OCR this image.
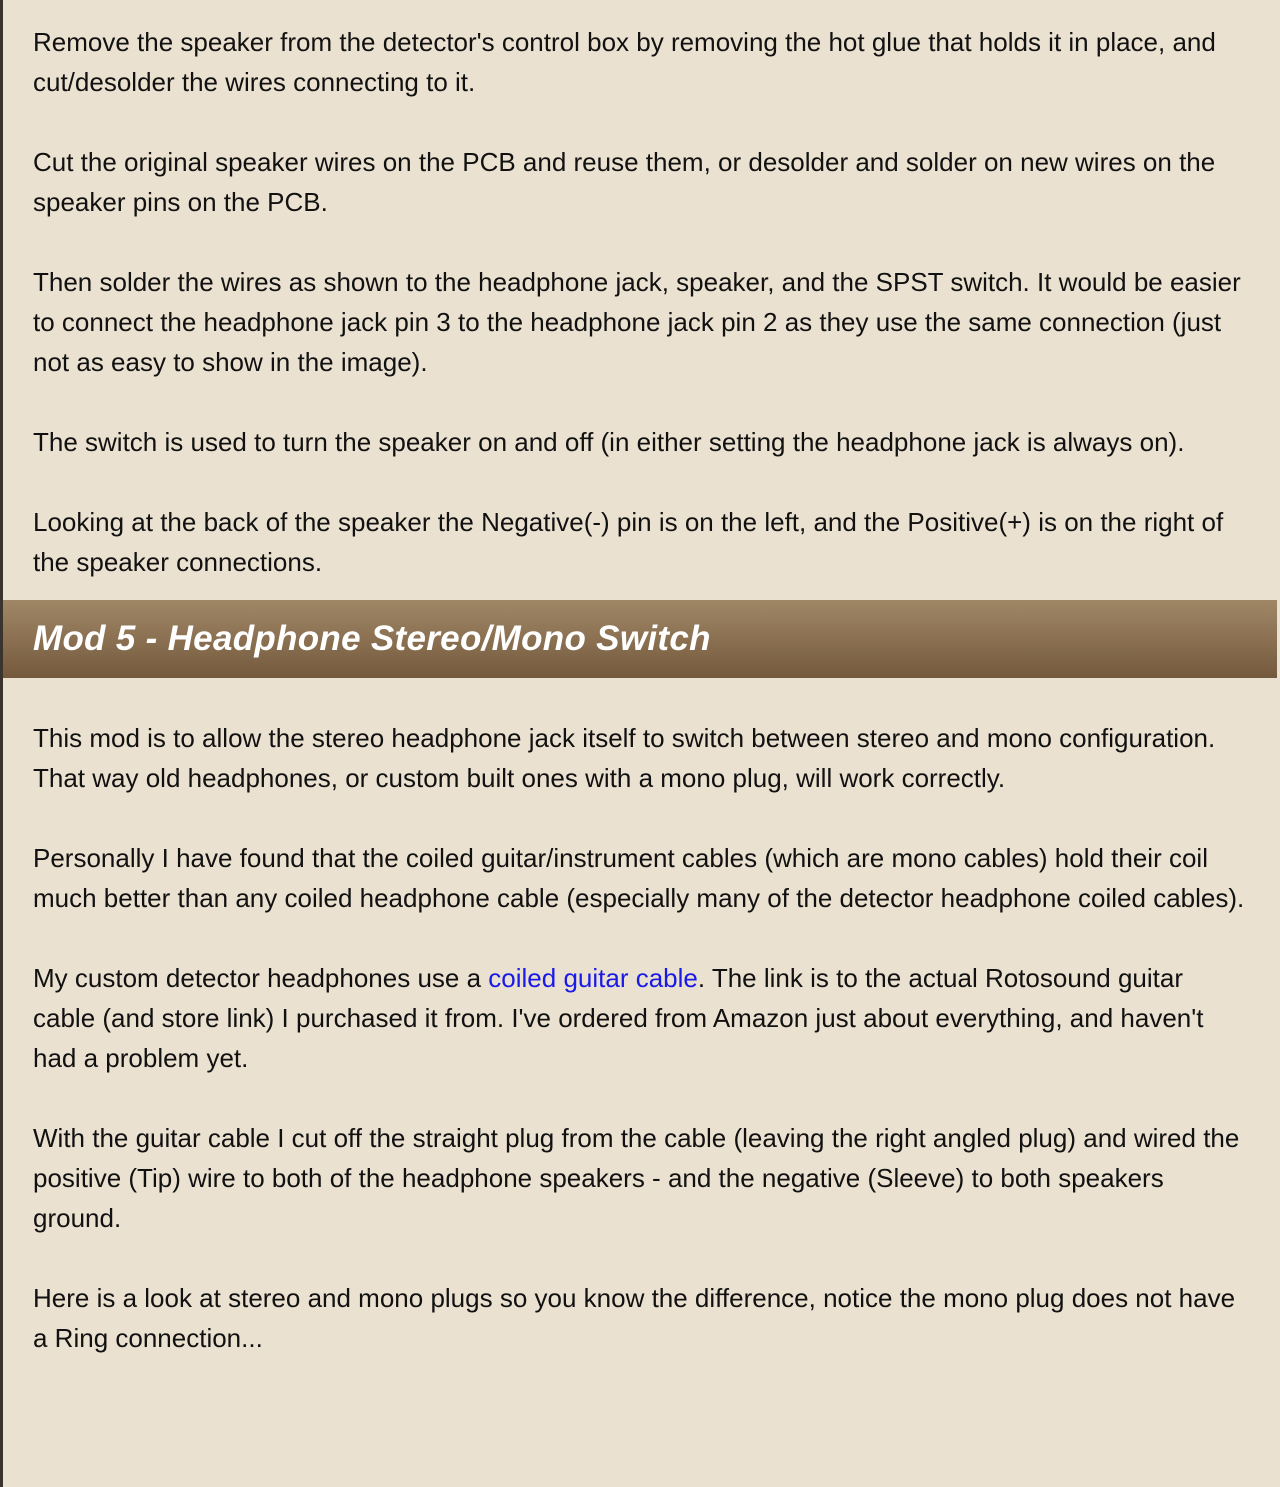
Remove the speaker from the detector's control box by removing the hot glue that holds it in place, and cut/desolder the wires connecting to it.

Cut the original speaker wires on the PCB and reuse them, or desolder and solder on new wires on the speaker pins on the PCB.

Then solder the wires as shown to the headphone jack, speaker, and the SPST switch. It would be easier to connect the headphone jack pin 3 to the headphone jack pin 2 as they use the same connection (just not as easy to show in the image).

The switch is used to turn the speaker on and off (in either setting the headphone jack is always on).

Looking at the back of the speaker the Negative(-) pin is on the left, and the Positive(+) is on the right of the speaker connections.

Mod 5 - Headphone Stereo/Mono Switch

This mod is to allow the stereo headphone jack itself to switch between stereo and mono configuration. That way old headphones, or custom built ones with a mono plug, will work correctly.

Personally I have found that the coiled guitar/instrument cables (which are mono cables) hold their coil much better than any coiled headphone cable (especially many of the detector headphone coiled cables).

My custom detector headphones use a coiled guitar cable. The link is to the actual Rotosound guitar cable (and store link) I purchased it from. I've ordered from Amazon just about everything, and haven't had a problem yet.

With the guitar cable I cut off the straight plug from the cable (leaving the right angled plug) and wired the positive (Tip) wire to both of the headphone speakers - and the negative (Sleeve) to both speakers ground.

Here is a look at stereo and mono plugs so you know the difference, notice the mono plug does not have a Ring connection...
